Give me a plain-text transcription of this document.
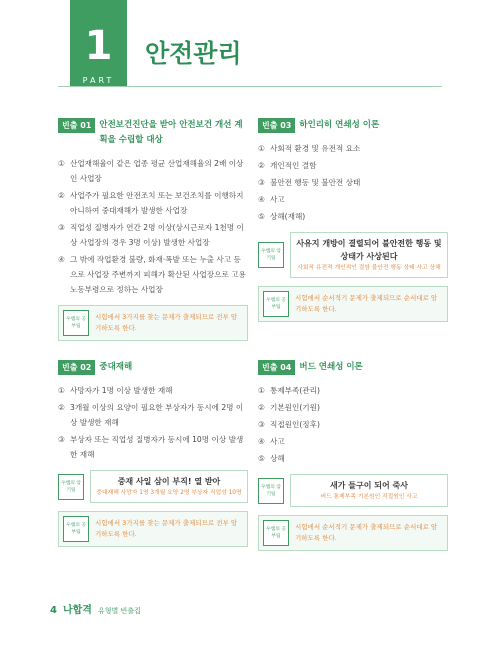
1
PART
안전관리
빈출 01 안전보건진단을 받아 안전보건 개선 계획을 수립할 대상
① 산업재해율이 같은 업종 평균 산업재해율의 2배 이상인 사업장
② 사업주가 필요한 안전조치 또는 보건조치를 이행하지 아니하여 중대재해가 발생한 사업장
③ 직업성 질병자가 연간 2명 이상(상시근로자 1천명 이상 사업장의 경우 3명 이상) 발생한 사업장
④ 그 밖에 작업환경 불량, 화재·폭발 또는 누출 사고 등으로 사업장 주변까지 피해가 확산된 사업장으로 고용노동부령으로 정하는 사업장
우쌤의 공부팁
시험에서 3가지를 찾는 문제가 출제되므로 전부 암기하도록 한다.
빈출 02 중대재해
① 사망자가 1명 이상 발생한 재해
② 3개월 이상의 요양이 필요한 부상자가 동시에 2명 이상 발생한 재해
③ 부상자 또는 직업성 질병자가 동시에 10명 이상 발생한 재해
우쌤의 암기팁
중재 사일 삼이 부직! 열 받아
중대재해 사망자 1명 3개월 요양 2명 부상자 직업성 10명
우쌤의 공부팁
시험에서 3가지를 찾는 문제가 출제되므로 전부 암기하도록 한다.
빈출 03 하인리히 연쇄성 이론
① 사회적 환경 및 유전적 요소
② 개인적인 결함
③ 불안전 행동 및 불안전 상태
④ 사고
⑤ 상해(재해)
우쌤의 암기팁
사유지 개방이 결렬되어 불안전한 행동 및 상태가 사상된다
사회적 유전적 개인적인 결함 불안전 행동 상태 사고 상해
우쌤의 공부팁
시험에서 순서적기 문제가 출제되므로 순서대로 암기하도록 한다.
빈출 04 버드 연쇄성 이론
① 통제부족(관리)
② 기본원인(기원)
③ 직접원인(징후)
④ 사고
⑤ 상해
우쌤의 암기팁
새가 들구이 되어 죽사
버드 통제부족 기본원인 직접원인 사고
우쌤의 공부팁
시험에서 순서적기 문제가 출제되므로 순서대로 암기하도록 한다.
4 나합격 유형별 빈출집
